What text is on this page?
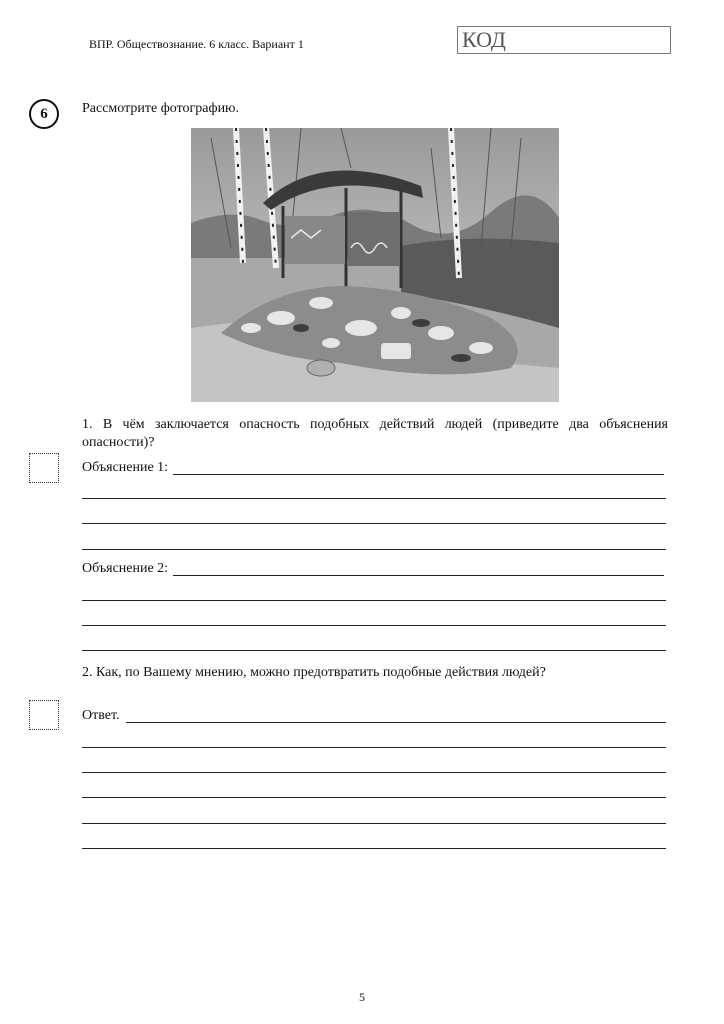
ВПР. Обществознание. 6 класс. Вариант 1	КОД
6	Рассмотрите фотографию.
1. В чём заключается опасность подобных действий людей (приведите два объяснения опасности)?
Объяснение 1:
Объяснение 2:
2. Как, по Вашему мнению, можно предотвратить подобные действия людей?
Ответ.
5
